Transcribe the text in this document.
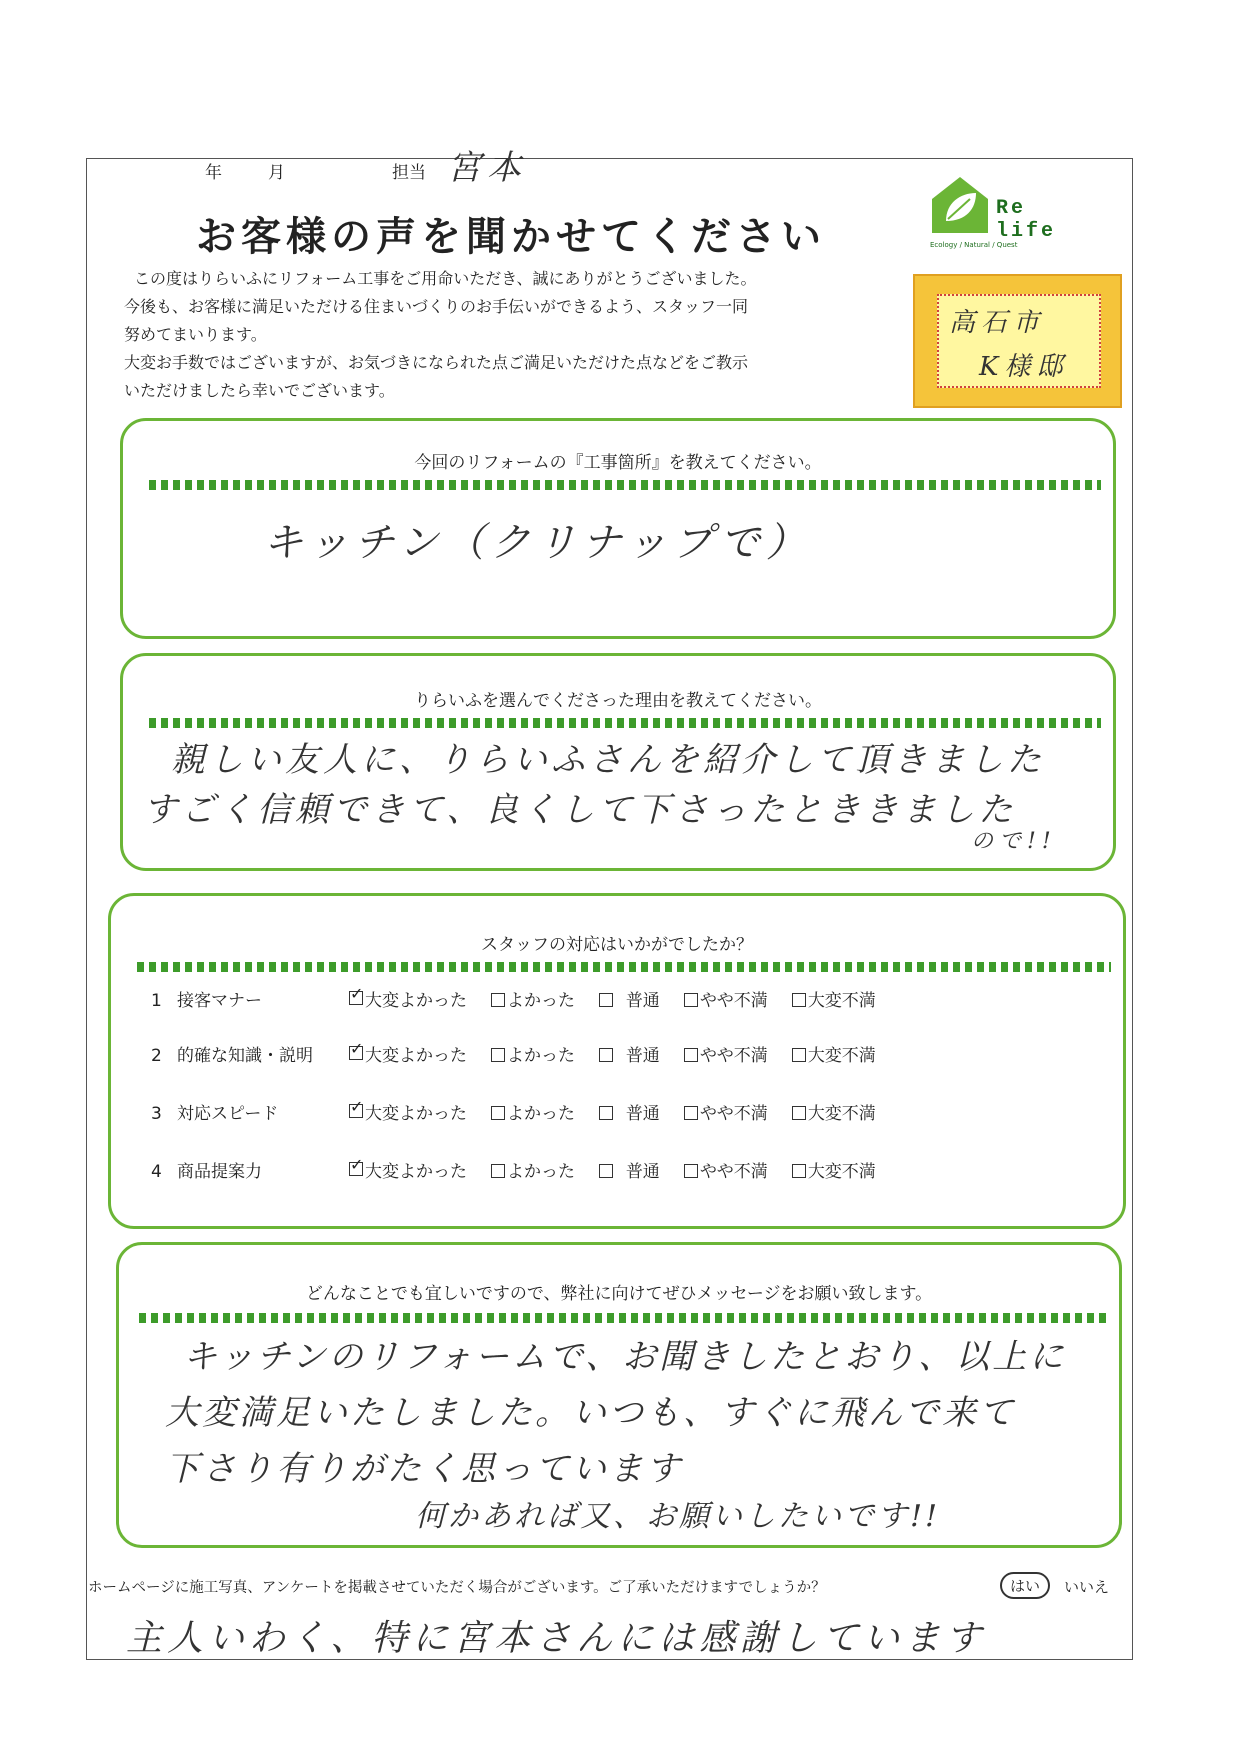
年	月	担当 宮本
お客様の声を聞かせてください
Re life
Ecology / Natural / Quest
この度はりらいふにリフォーム工事をご用命いただき、誠にありがとうございました。
今後も、お客様に満足いただける住まいづくりのお手伝いができるよう、スタッフ一同
努めてまいります。
大変お手数ではございますが、お気づきになられた点ご満足いただけた点などをご教示
いただけましたら幸いでございます。
高石市
K様邸
今回のリフォームの『工事箇所』を教えてください。
キッチン（クリナップで）
りらいふを選んでくださった理由を教えてください。
親しい友人に、りらいふさんを紹介して頂きました
すごく信頼できて、良くして下さったとききました
ので!!
スタッフの対応はいかがでしたか？
1 接客マナー ✓	大変よかった よかった	普通 やや不満 大変不満
2 的確な知識・説明 ✓	大変よかった よかった	普通 やや不満 大変不満
3 対応スピード ✓	大変よかった よかった	普通 やや不満 大変不満
4 商品提案力 ✓	大変よかった よかった	普通 やや不満 大変不満
どんなことでも宜しいですので、弊社に向けてぜひメッセージをお願い致します。
キッチンのリフォームで、お聞きしたとおり、以上に
大変満足いたしました。いつも、すぐに飛んで来て
下さり有りがたく思っています
何かあれば又、お願いしたいです!!
ホームページに施工写真、アンケートを掲載させていただく場合がございます。ご了承いただけますでしょうか？	はい	いいえ
主人いわく、特に宮本さんには感謝しています
